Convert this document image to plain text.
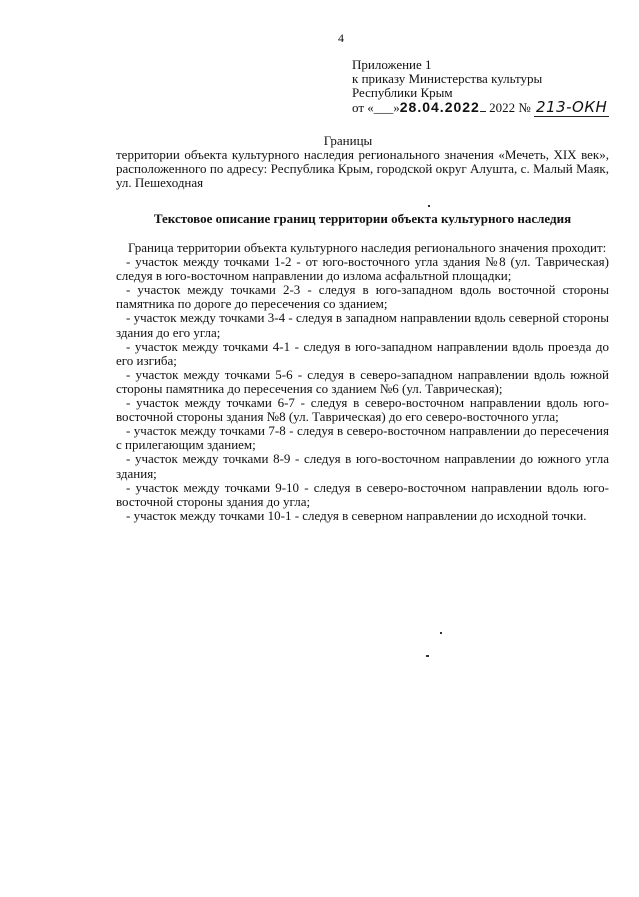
4
Приложение 1
к приказу Министерства культуры
Республики Крым
от «___»28.04.2022 2022 № 213-ОКН
Границы
территории объекта культурного наследия регионального значения «Мечеть, XIX век», расположенного по адресу: Республика Крым, городской округ Алушта, с. Малый Маяк, ул. Пешеходная
Текстовое описание границ территории объекта культурного наследия

Граница территории объекта культурного наследия регионального значения проходит:

- участок между точками 1-2 - от юго-восточного угла здания №8 (ул. Таврическая) следуя в юго-восточном направлении до излома асфальтной площадки;

- участок между точками 2-3 - следуя в юго-западном вдоль восточной стороны памятника по дороге до пересечения со зданием;

- участок между точками 3-4 - следуя в западном направлении вдоль северной стороны здания до его угла;

- участок между точками 4-1 - следуя в юго-западном направлении вдоль проезда до его изгиба;

- участок между точками 5-6 - следуя в северо-западном направлении вдоль южной стороны памятника до пересечения со зданием №6 (ул. Таврическая);

- участок между точками 6-7 - следуя в северо-восточном направлении вдоль юго-восточной стороны здания №8 (ул. Таврическая) до его северо-восточного угла;

- участок между точками 7-8 - следуя в северо-восточном направлении до пересечения с прилегающим зданием;

- участок между точками 8-9 - следуя в юго-восточном направлении до южного угла здания;

- участок между точками 9-10 - следуя в северо-восточном направлении вдоль юго-восточной стороны здания до угла;

- участок между точками 10-1 - следуя в северном направлении до исходной точки.
